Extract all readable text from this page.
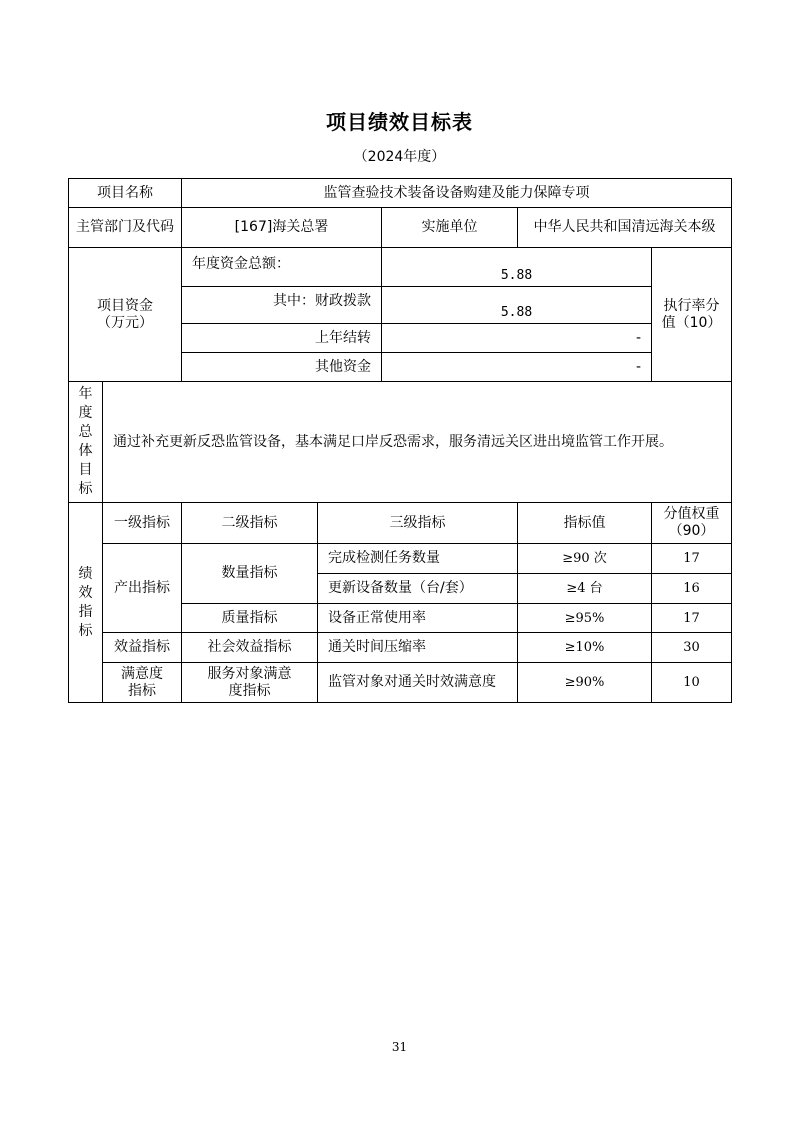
项目绩效目标表
（2024年度）
项目名称		监管查验技术装备设备购建及能力保障专项				
主管部门及代码		[167]海关总署		实施单位	中华人民共和国清远海关本级	
项目资金（万元）		年度资金总额：		5.88		执行率分值（10）
		其中：财政拨款		5.88		
		上年结转		-		
		其他资金		-		
年度总体目标	通过补充更新反恐监管设备，基本满足口岸反恐需求，服务清远关区进出境监管工作开展。					
绩效指标	一级指标	二级指标	三级指标		指标值	分值权重（90）
	产出指标	数量指标	完成检测任务数量		≥90 次	17
			更新设备数量（台/套）		≥4 台	16
		质量指标	设备正常使用率		≥95%	17
	效益指标	社会效益指标	通关时间压缩率		≥10%	30
	满意度指标	服务对象满意度指标	监管对象对通关时效满意度		≥90%	10
31
